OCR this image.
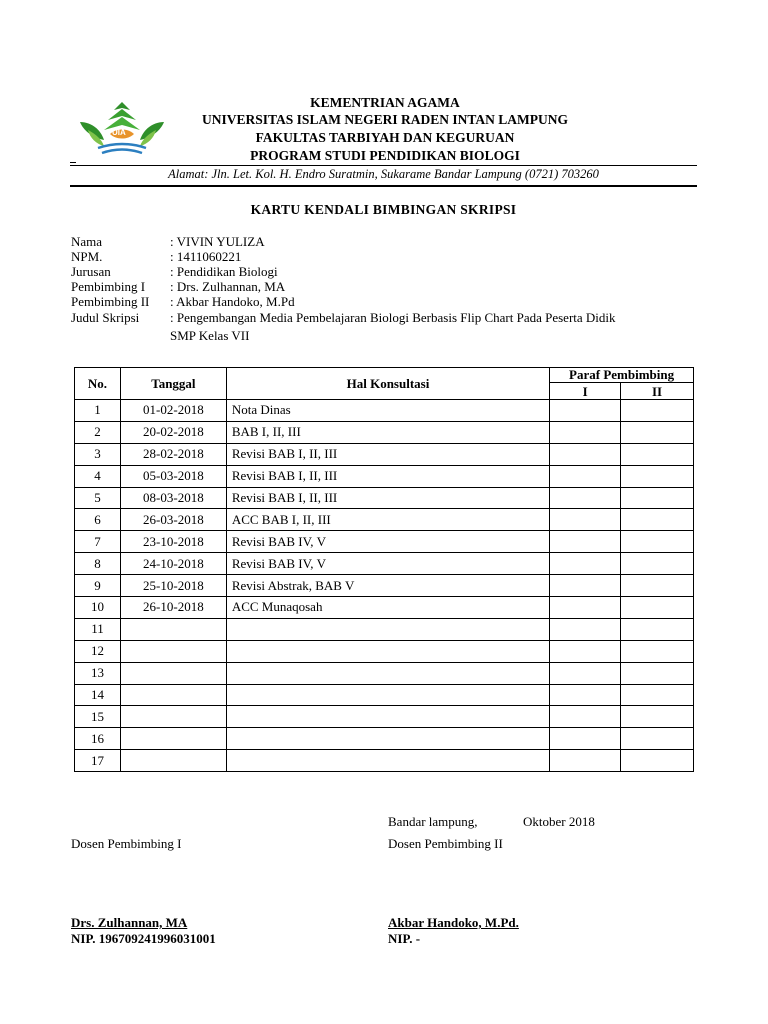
UIA
KEMENTRIAN AGAMA
UNIVERSITAS ISLAM NEGERI RADEN INTAN LAMPUNG
FAKULTAS TARBIYAH DAN KEGURUAN
PROGRAM STUDI PENDIDIKAN BIOLOGI
Alamat: Jln. Let. Kol. H. Endro Suratmin, Sukarame Bandar Lampung (0721) 703260
KARTU KENDALI BIMBINGAN SKRIPSI
Nama	: VIVIN YULIZA
NPM.	: 1411060221
Jurusan	: Pendidikan Biologi
Pembimbing I	: Drs. Zulhannan, MA
Pembimbing II	: Akbar Handoko, M.Pd
Judul Skripsi	: Pengembangan Media Pembelajaran Biologi Berbasis Flip Chart Pada Peserta Didik
SMP Kelas VII
No.	Tanggal	Hal Konsultasi	Paraf Pembimbing	
			I	II
1	01-02-2018	Nota Dinas		
2	20-02-2018	BAB I, II, III		
3	28-02-2018	Revisi BAB I, II, III		
4	05-03-2018	Revisi BAB I, II, III		
5	08-03-2018	Revisi BAB I, II, III		
6	26-03-2018	ACC BAB I, II, III		
7	23-10-2018	Revisi BAB IV, V		
8	24-10-2018	Revisi BAB IV, V		
9	25-10-2018	Revisi Abstrak, BAB V		
10	26-10-2018	ACC Munaqosah		
11				
12				
13				
14				
15				
16				
17				
Bandar lampung,	Oktober 2018
Dosen Pembimbing I	Dosen Pembimbing II
Drs. Zulhannan, MA
NIP. 196709241996031001
Akbar Handoko, M.Pd.
NIP. -
